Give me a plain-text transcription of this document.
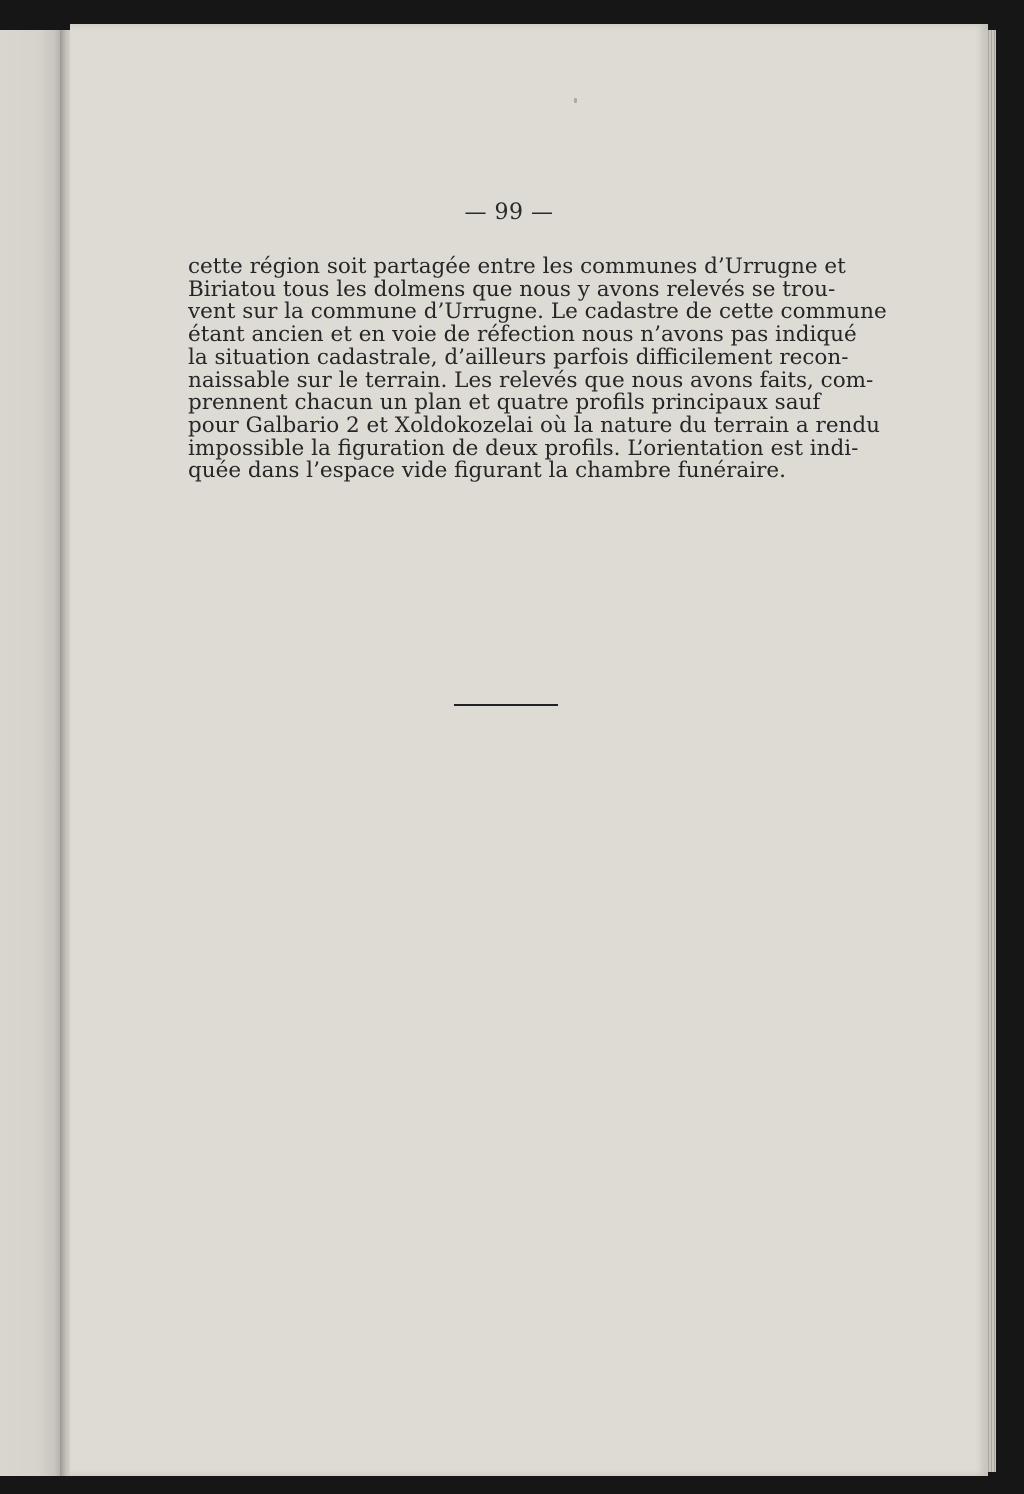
— 99 —

cette région soit partagée entre les communes d’Urrugne et
Biriatou tous les dolmens que nous y avons relevés se trou-
vent sur la commune d’Urrugne. Le cadastre de cette commune
étant ancien et en voie de réfection nous n’avons pas indiqué
la situation cadastrale, d’ailleurs parfois difficilement recon-
naissable sur le terrain. Les relevés que nous avons faits, com-
prennent chacun un plan et quatre profils principaux sauf
pour Galbario 2 et Xoldokozelai où la nature du terrain a rendu
impossible la figuration de deux profils. L’orientation est indi-
quée dans l’espace vide figurant la chambre funéraire.
